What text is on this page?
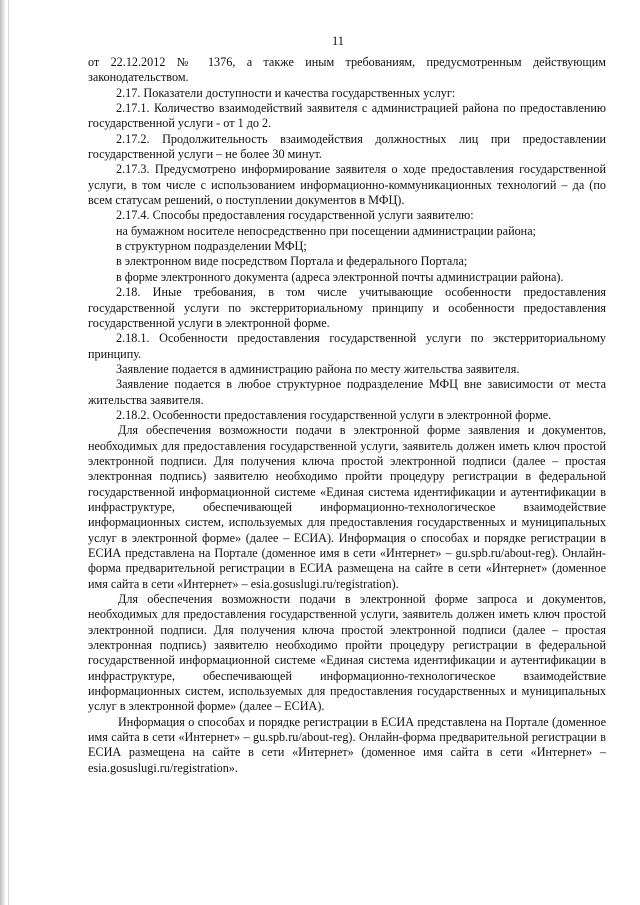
11

от 22.12.2012 № 1376, а также иным требованиям, предусмотренным действующим законодательством.

2.17. Показатели доступности и качества государственных услуг:

2.17.1. Количество взаимодействий заявителя с администрацией района по предоставлению государственной услуги - от 1 до 2.

2.17.2. Продолжительность взаимодействия должностных лиц при предоставлении государственной услуги – не более 30 минут.

2.17.3. Предусмотрено информирование заявителя о ходе предоставления государственной услуги, в том числе с использованием информационно-коммуникационных технологий – да (по всем статусам решений, о поступлении документов в МФЦ).

2.17.4. Способы предоставления государственной услуги заявителю:

на бумажном носителе непосредственно при посещении администрации района;

в структурном подразделении МФЦ;

в электронном виде посредством Портала и федерального Портала;

в форме электронного документа (адреса электронной почты администрации района).

2.18. Иные требования, в том числе учитывающие особенности предоставления государственной услуги по экстерриториальному принципу и особенности предоставления государственной услуги в электронной форме.

2.18.1. Особенности предоставления государственной услуги по экстерриториальному принципу.

Заявление подается в администрацию района по месту жительства заявителя.

Заявление подается в любое структурное подразделение МФЦ вне зависимости от места жительства заявителя.

2.18.2. Особенности предоставления государственной услуги в электронной форме.

Для обеспечения возможности подачи в электронной форме заявления и документов, необходимых для предоставления государственной услуги, заявитель должен иметь ключ простой электронной подписи. Для получения ключа простой электронной подписи (далее – простая электронная подпись) заявителю необходимо пройти процедуру регистрации в федеральной государственной информационной системе «Единая система идентификации и аутентификации в инфраструктуре, обеспечивающей информационно-технологическое взаимодействие информационных систем, используемых для предоставления государственных и муниципальных услуг в электронной форме» (далее – ЕСИА). Информация о способах и порядке регистрации в ЕСИА представлена на Портале (доменное имя в сети «Интернет» – gu.spb.ru/about-reg). Онлайн-форма предварительной регистрации в ЕСИА размещена на сайте в сети «Интернет» (доменное имя сайта в сети «Интернет» – esia.gosuslugi.ru/registration).

Для обеспечения возможности подачи в электронной форме запроса и документов, необходимых для предоставления государственной услуги, заявитель должен иметь ключ простой электронной подписи. Для получения ключа простой электронной подписи (далее – простая электронная подпись) заявителю необходимо пройти процедуру регистрации в федеральной государственной информационной системе «Единая система идентификации и аутентификации в инфраструктуре, обеспечивающей информационно-технологическое взаимодействие информационных систем, используемых для предоставления государственных и муниципальных услуг в электронной форме» (далее – ЕСИА).

Информация о способах и порядке регистрации в ЕСИА представлена на Портале (доменное имя сайта в сети «Интернет» – gu.spb.ru/about-reg). Онлайн-форма предварительной регистрации в ЕСИА размещена на сайте в сети «Интернет» (доменное имя сайта в сети «Интернет» – esia.gosuslugi.ru/registration».
